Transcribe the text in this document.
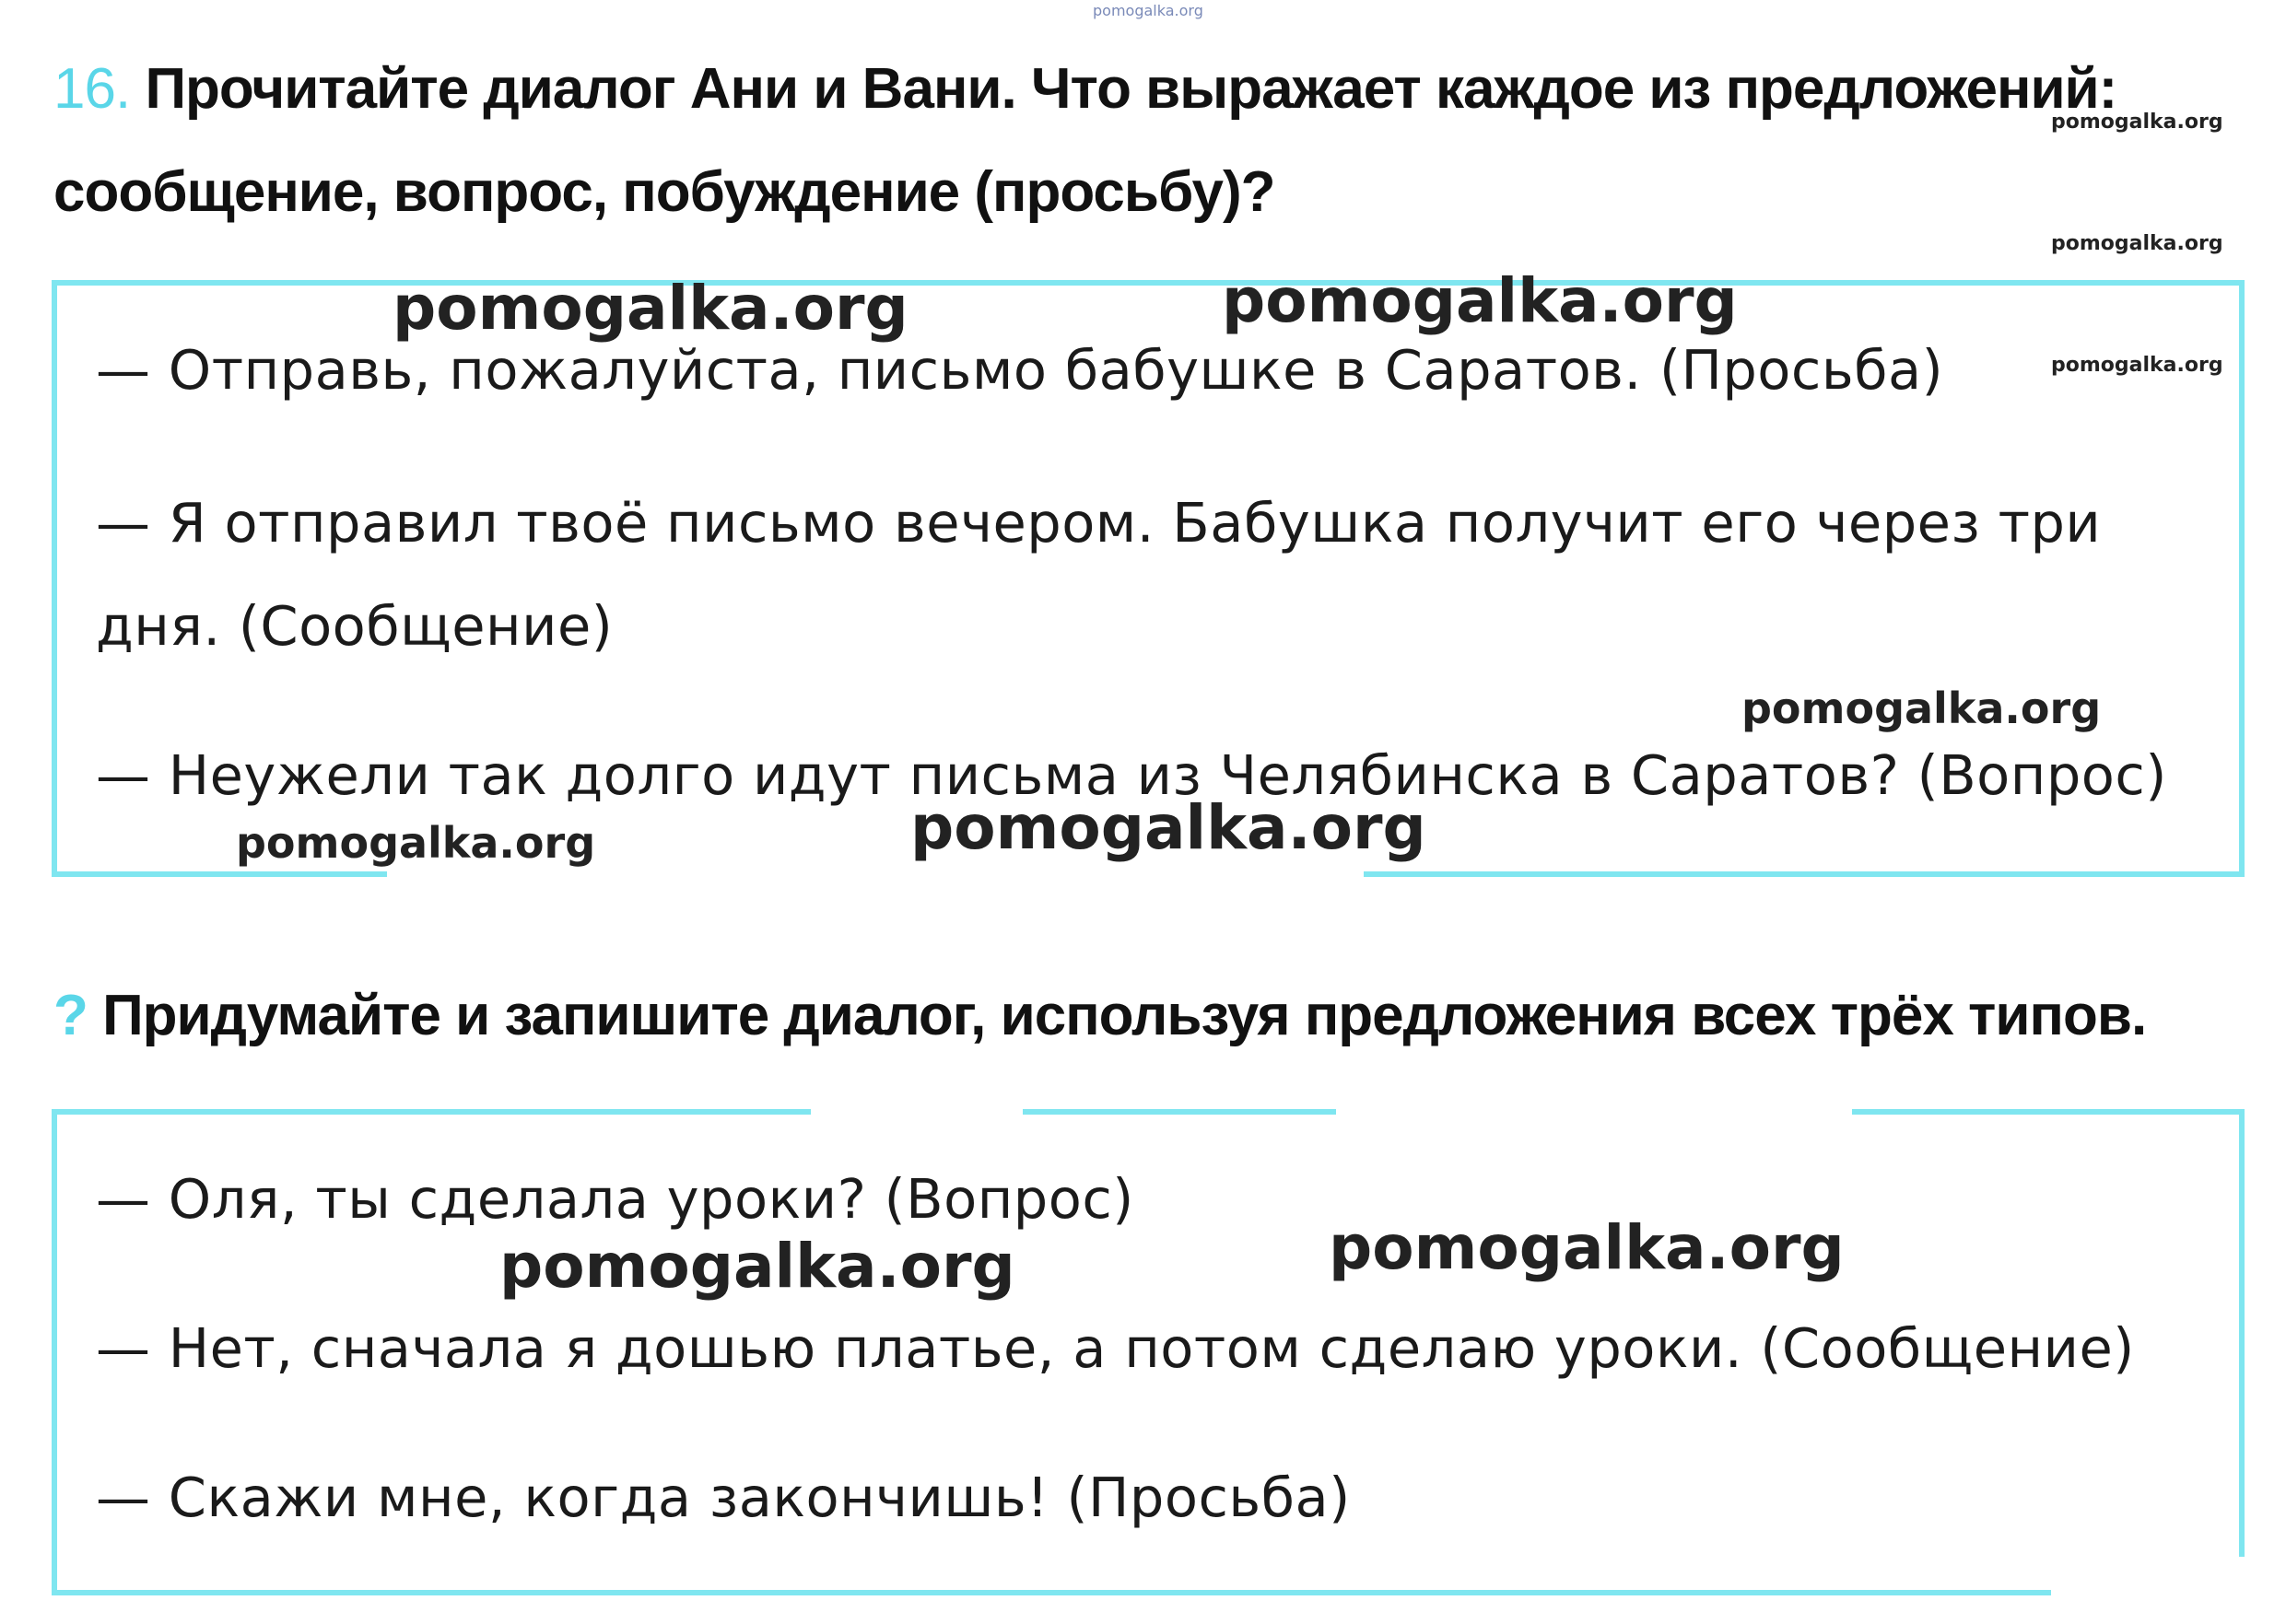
pomogalka.org
16. Прочитайте диалог Ани и Вани. Что выражает каждое из предложений:
сообщение, вопрос, побуждение (просьбу)?
— Отправь, пожалуйста, письмо бабушке в Саратов. (Просьба)
— Я отправил твоё письмо вечером. Бабушка получит его через три
дня. (Сообщение)
— Неужели так долго идут письма из Челябинска в Саратов? (Вопрос)
? Придумайте и запишите диалог, используя предложения всех трёх типов.
— Оля, ты сделала уроки? (Вопрос)
— Нет, сначала я дошью платье, а потом сделаю уроки. (Сообщение)
— Скажи мне, когда закончишь! (Просьба)
pomogalka.org
pomogalka.org
pomogalka.org
pomogalka.org	pomogalka.org
pomogalka.org
pomogalka.org	pomogalka.org
pomogalka.org	pomogalka.org
